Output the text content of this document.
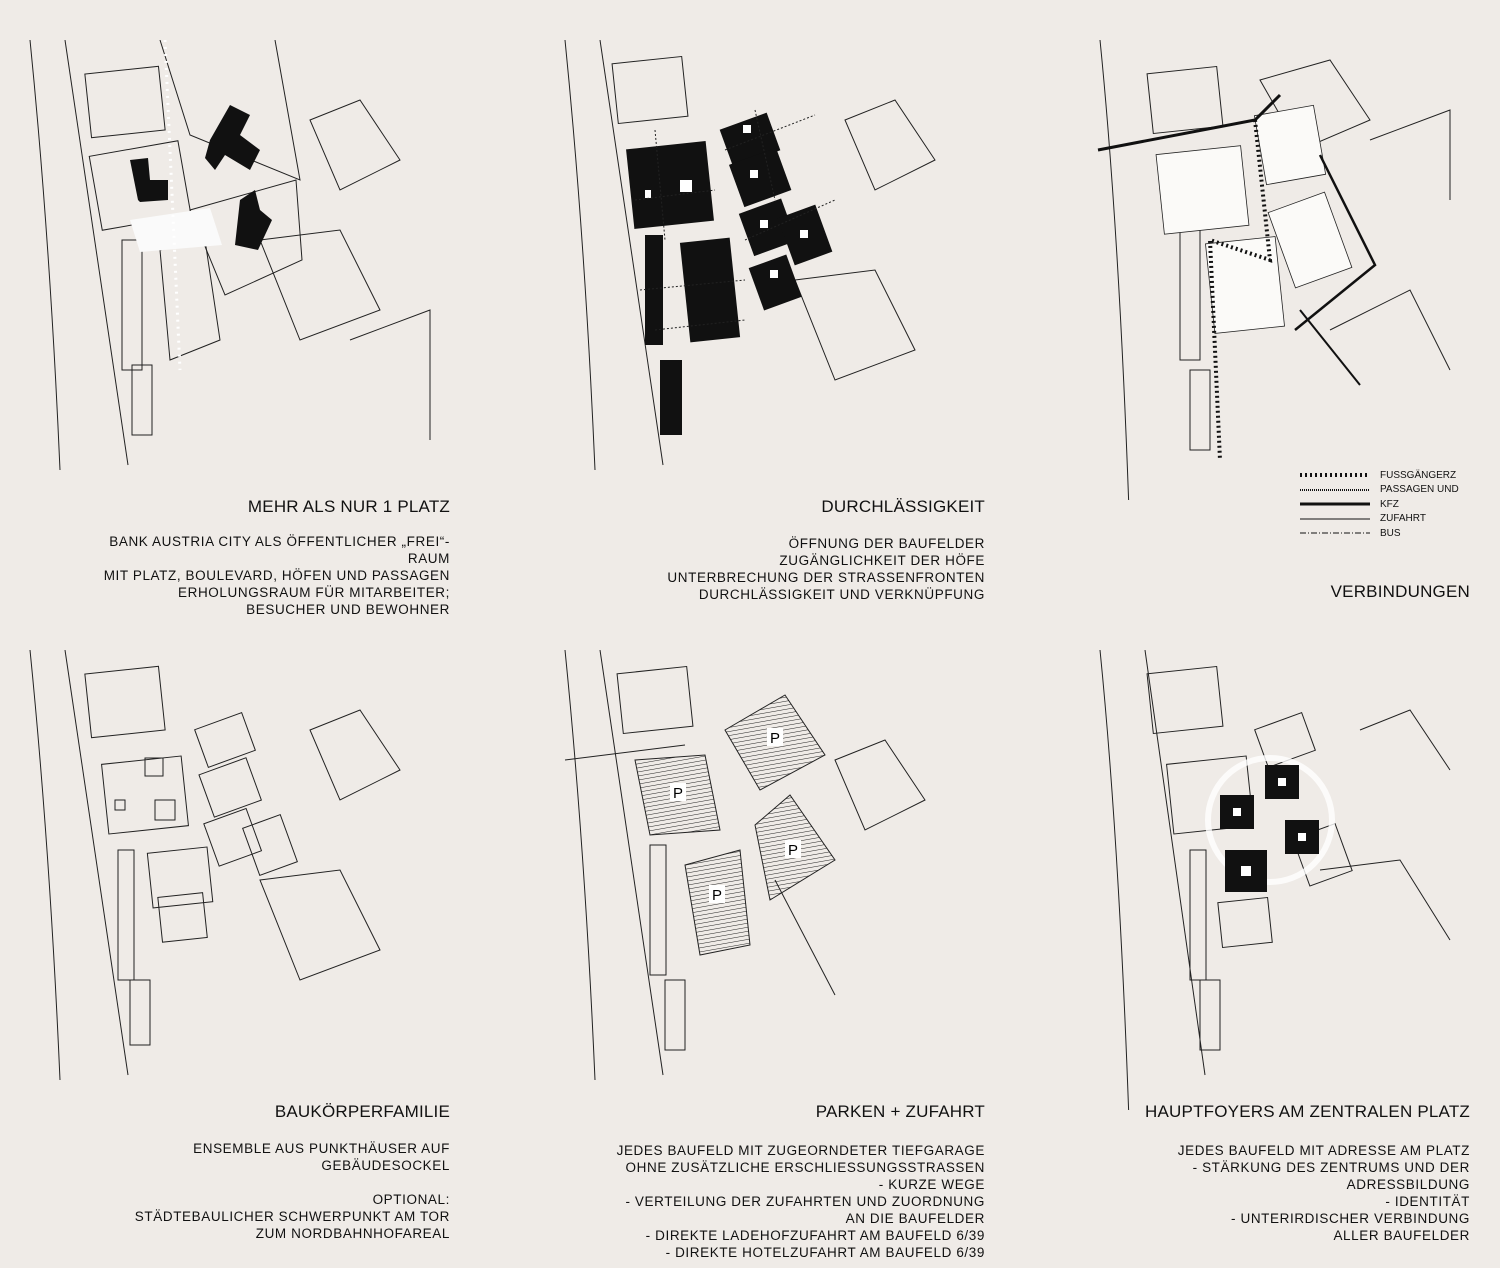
MEHR ALS NUR 1 PLATZ
BANK AUSTRIA CITY ALS ÖFFENTLICHER „FREI“-
RAUM
MIT PLATZ, BOULEVARD, HÖFEN UND PASSAGEN
ERHOLUNGSRAUM FÜR MITARBEITER;
BESUCHER UND BEWOHNER
DURCHLÄSSIGKEIT
ÖFFNUNG DER BAUFELDER
ZUGÄNGLICHKEIT DER HÖFE
UNTERBRECHUNG DER STRASSENFRONTEN
DURCHLÄSSIGKEIT UND VERKNÜPFUNG	VERBINDUNGEN
FUSSGÄNGERZ
PASSAGEN UND
KFZ
ZUFAHRT
BUS
BAUKÖRPERFAMILIE
ENSEMBLE AUS PUNKTHÄUSER AUF
GEBÄUDESOCKEL
OPTIONAL:
STÄDTEBAULICHER SCHWERPUNKT AM TOR
ZUM NORDBAHNHOFAREAL
P
P
P
P
PARKEN + ZUFAHRT
JEDES BAUFELD MIT ZUGEORNDETER TIEFGARAGE
OHNE ZUSÄTZLICHE ERSCHLIESSUNGSSTRASSEN
- KURZE WEGE
- VERTEILUNG DER ZUFAHRTEN UND ZUORDNUNG
AN DIE BAUFELDER
- DIREKTE LADEHOFZUFAHRT AM BAUFELD 6/39
- DIREKTE HOTELZUFAHRT AM BAUFELD 6/39
HAUPTFOYERS AM ZENTRALEN PLATZ
JEDES BAUFELD MIT ADRESSE AM PLATZ
- STÄRKUNG DES ZENTRUMS UND DER
ADRESSBILDUNG
- IDENTITÄT
- UNTERIRDISCHER VERBINDUNG
ALLER BAUFELDER
